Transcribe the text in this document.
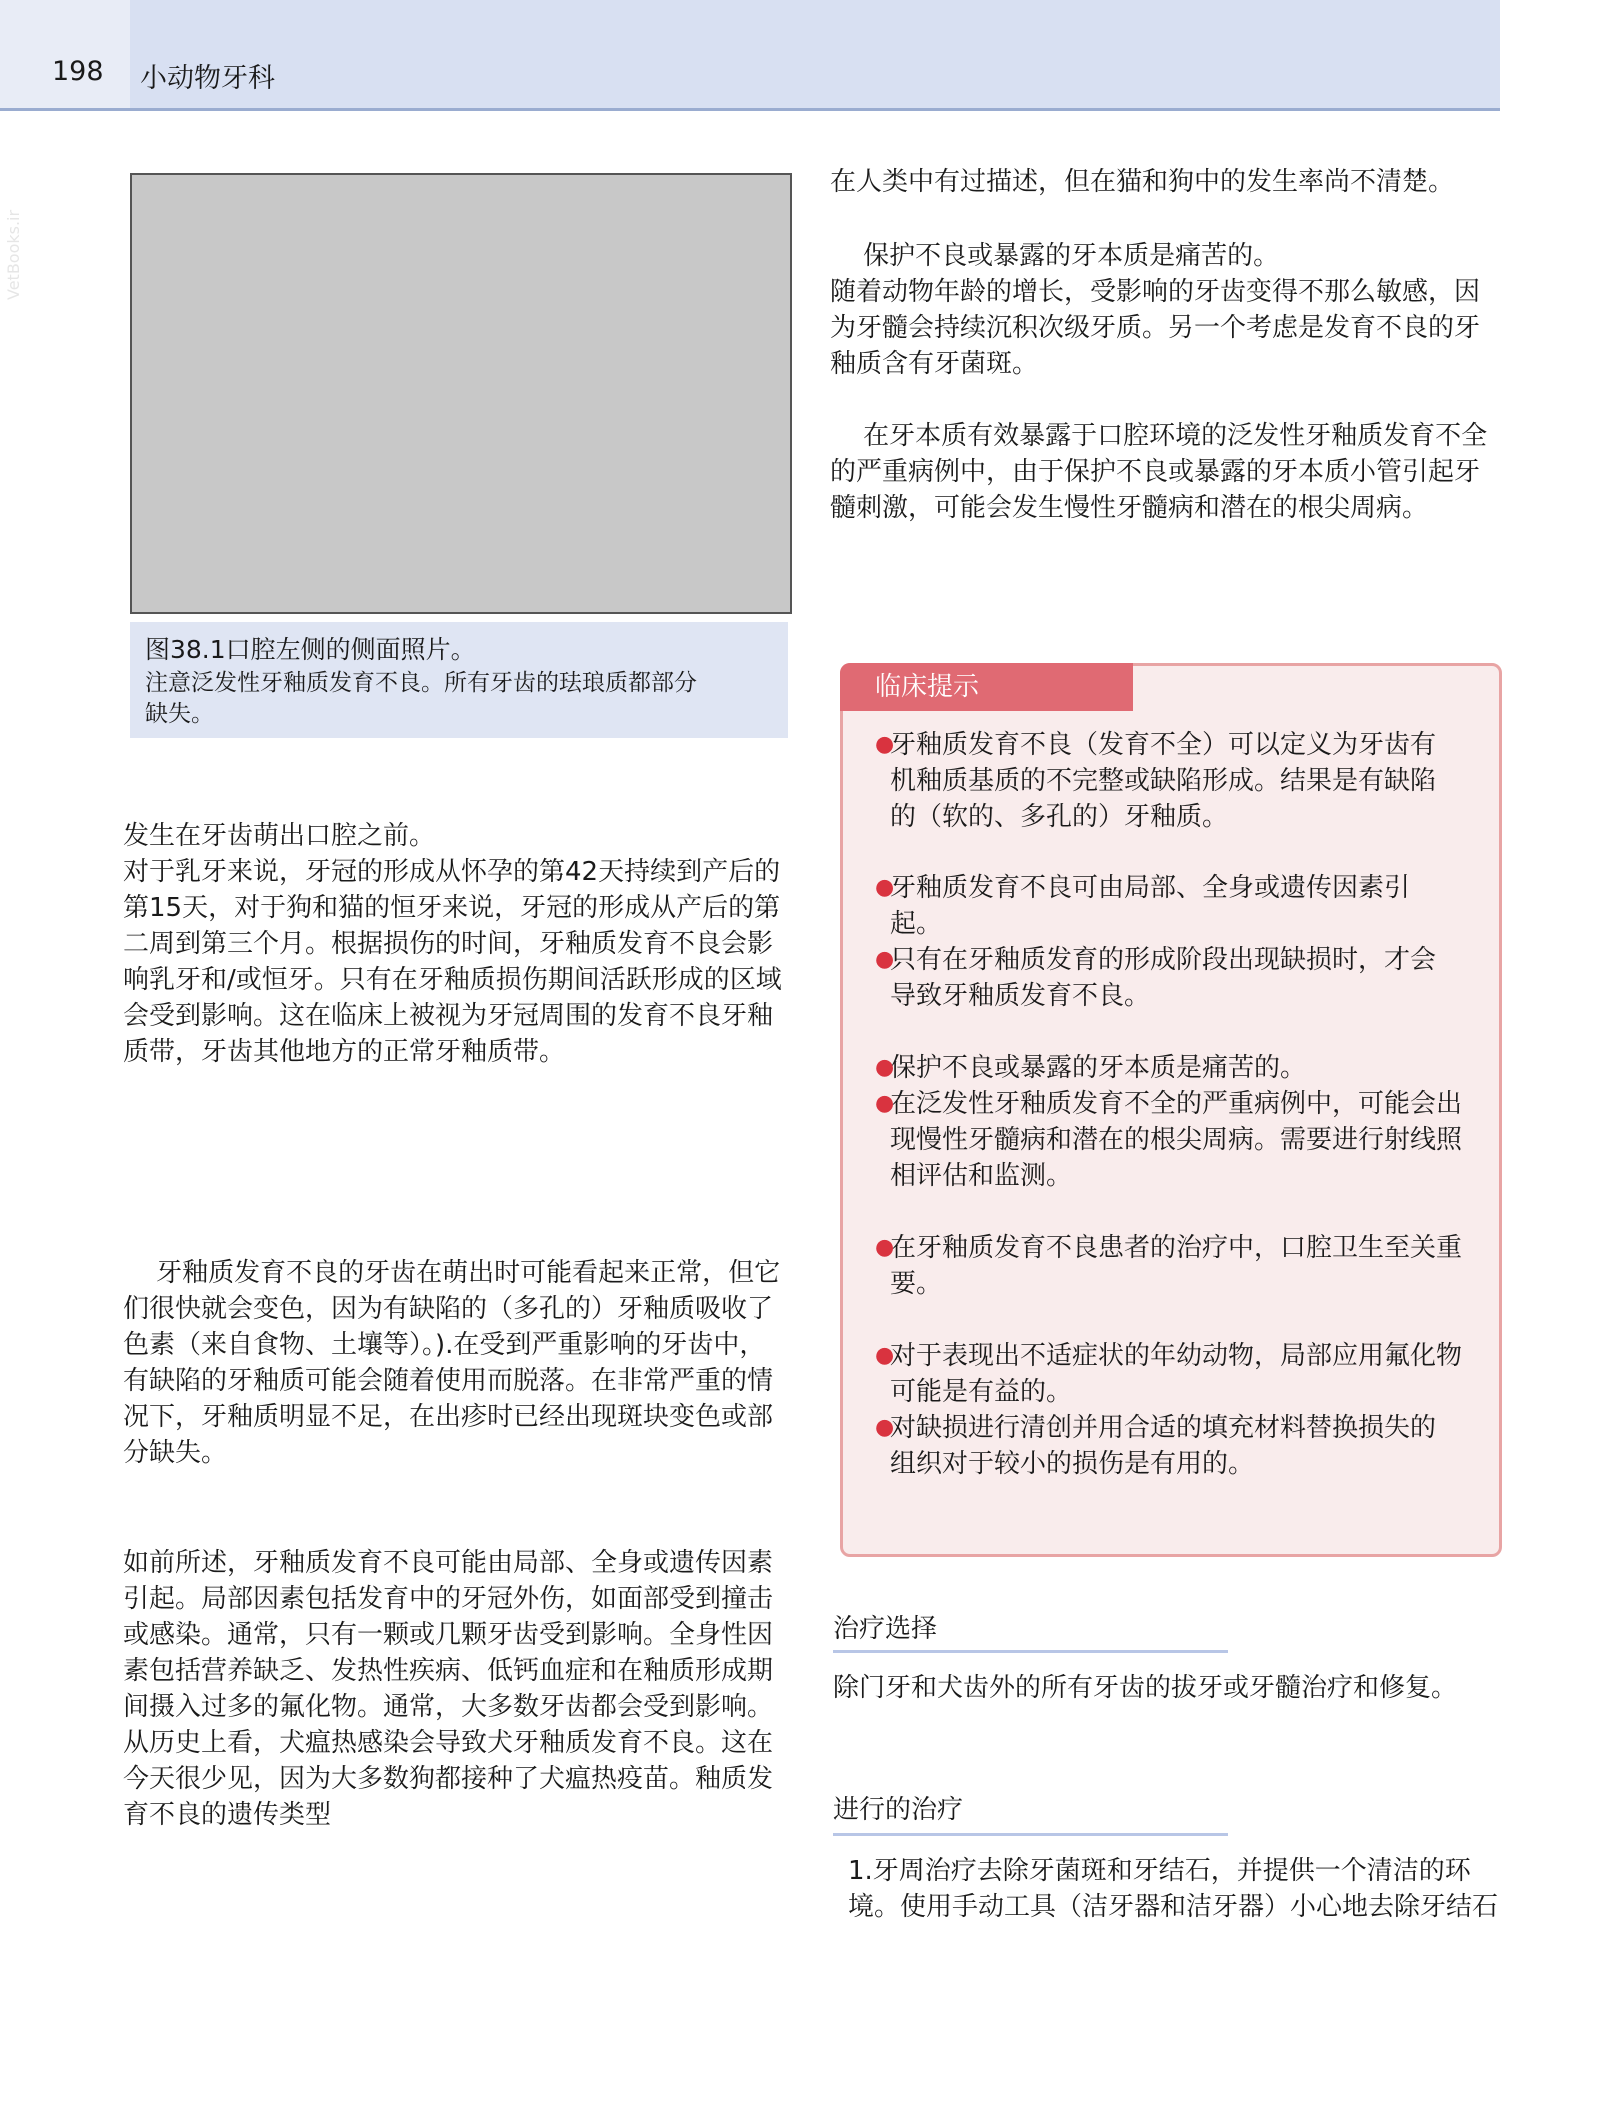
198 小动物牙科
VetBooks.ir
图38.1口腔左侧的侧面照片。
注意泛发性牙釉质发育不良。所有牙齿的珐琅质都部分缺失。

发生在牙齿萌出口腔之前。
对于乳牙来说，牙冠的形成从怀孕的第42天持续到产后的第15天，对于狗和猫的恒牙来说，牙冠的形成从产后的第二周到第三个月。根据损伤的时间，牙釉质发育不良会影响乳牙和/或恒牙。只有在牙釉质损伤期间活跃形成的区域会受到影响。这在临床上被视为牙冠周围的发育不良牙釉质带，牙齿其他地方的正常牙釉质带。

牙釉质发育不良的牙齿在萌出时可能看起来正常，但它们很快就会变色，因为有缺陷的（多孔的）牙釉质吸收了色素（来自食物、土壤等）。).在受到严重影响的牙齿中，有缺陷的牙釉质可能会随着使用而脱落。在非常严重的情况下，牙釉质明显不足，在出疹时已经出现斑块变色或部分缺失。

如前所述，牙釉质发育不良可能由局部、全身或遗传因素引起。局部因素包括发育中的牙冠外伤，如面部受到撞击或感染。通常，只有一颗或几颗牙齿受到影响。全身性因素包括营养缺乏、发热性疾病、低钙血症和在釉质形成期间摄入过多的氟化物。通常，大多数牙齿都会受到影响。从历史上看，犬瘟热感染会导致犬牙釉质发育不良。这在今天很少见，因为大多数狗都接种了犬瘟热疫苗。釉质发育不良的遗传类型

在人类中有过描述，但在猫和狗中的发生率尚不清楚。

保护不良或暴露的牙本质是痛苦的。
随着动物年龄的增长，受影响的牙齿变得不那么敏感，因为牙髓会持续沉积次级牙质。另一个考虑是发育不良的牙釉质含有牙菌斑。

在牙本质有效暴露于口腔环境的泛发性牙釉质发育不全的严重病例中，由于保护不良或暴露的牙本质小管引起牙髓刺激，可能会发生慢性牙髓病和潜在的根尖周病。

临床提示
●
牙釉质发育不良（发育不全）可以定义为牙齿有机釉质基质的不完整或缺陷形成。结果是有缺陷的（软的、多孔的）牙釉质。
●
牙釉质发育不良可由局部、全身或遗传因素引起。
●
只有在牙釉质发育的形成阶段出现缺损时，才会导致牙釉质发育不良。
●
保护不良或暴露的牙本质是痛苦的。
●
在泛发性牙釉质发育不全的严重病例中，可能会出现慢性牙髓病和潜在的根尖周病。需要进行射线照相评估和监测。
●
在牙釉质发育不良患者的治疗中，口腔卫生至关重要。
●
对于表现出不适症状的年幼动物，局部应用氟化物可能是有益的。
●
对缺损进行清创并用合适的填充材料替换损失的组织对于较小的损伤是有用的。
治疗选择

除门牙和犬齿外的所有牙齿的拔牙或牙髓治疗和修复。

进行的治疗

1.牙周治疗去除牙菌斑和牙结石，并提供一个清洁的环境。使用手动工具（洁牙器和洁牙器）小心地去除牙结石
